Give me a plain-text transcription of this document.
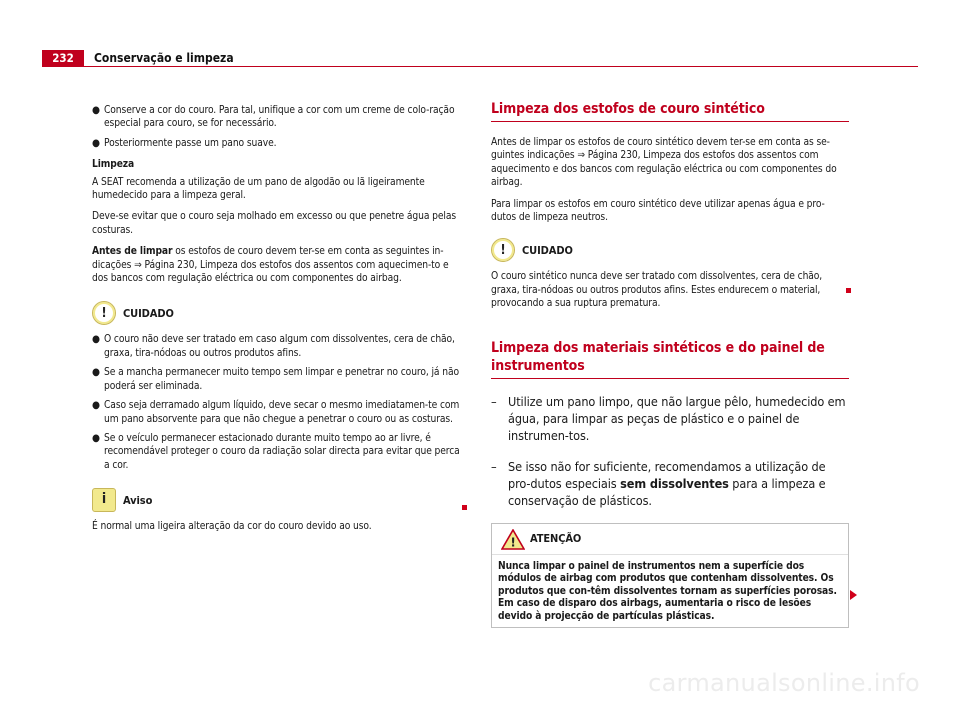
232	Conservação e limpeza
● Conserve a cor do couro. Para tal, unifique a cor com um creme de colo-ração especial para couro, se for necessário.
● Posteriormente passe um pano suave.
Limpeza

A SEAT recomenda a utilização de um pano de algodão ou lã ligeiramente humedecido para a limpeza geral.

Deve-se evitar que o couro seja molhado em excesso ou que penetre água pelas costuras.

Antes de limpar os estofos de couro devem ter-se em conta as seguintes in-dicações ⇒ Página 230, Limpeza dos estofos dos assentos com aquecimen-to e dos bancos com regulação eléctrica ou com componentes do airbag.

!	CUIDADO
● O couro não deve ser tratado em caso algum com dissolventes, cera de chão, graxa, tira-nódoas ou outros produtos afins.
● Se a mancha permanecer muito tempo sem limpar e penetrar no couro, já não poderá ser eliminada.
● Caso seja derramado algum líquido, deve secar o mesmo imediatamen-te com um pano absorvente para que não chegue a penetrar o couro ou as costuras.
● Se o veículo permanecer estacionado durante muito tempo ao ar livre, é recomendável proteger o couro da radiação solar directa para evitar que perca a cor.
i	Aviso

É normal uma ligeira alteração da cor do couro devido ao uso.

Limpeza dos estofos de couro sintético

Antes de limpar os estofos de couro sintético devem ter-se em conta as se-guintes indicações ⇒ Página 230, Limpeza dos estofos dos assentos com aquecimento e dos bancos com regulação eléctrica ou com componentes do airbag.

Para limpar os estofos em couro sintético deve utilizar apenas água e pro-dutos de limpeza neutros.

!	CUIDADO

O couro sintético nunca deve ser tratado com dissolventes, cera de chão, graxa, tira-nódoas ou outros produtos afins. Estes endurecem o material, provocando a sua ruptura prematura.

Limpeza dos materiais sintéticos e do painel de instrumentos
– Utilize um pano limpo, que não largue pêlo, humedecido em água, para limpar as peças de plástico e o painel de instrumen-tos.
– Se isso não for suficiente, recomendamos a utilização de pro-dutos especiais sem dissolventes para a limpeza e conservação de plásticos.
! ATENÇÃO
Nunca limpar o painel de instrumentos nem a superfície dos módulos de airbag com produtos que contenham dissolventes. Os produtos que con-têm dissolventes tornam as superfícies porosas. Em caso de disparo dos airbags, aumentaria o risco de lesões devido à projecção de partículas plásticas.
carmanualsonline.info
